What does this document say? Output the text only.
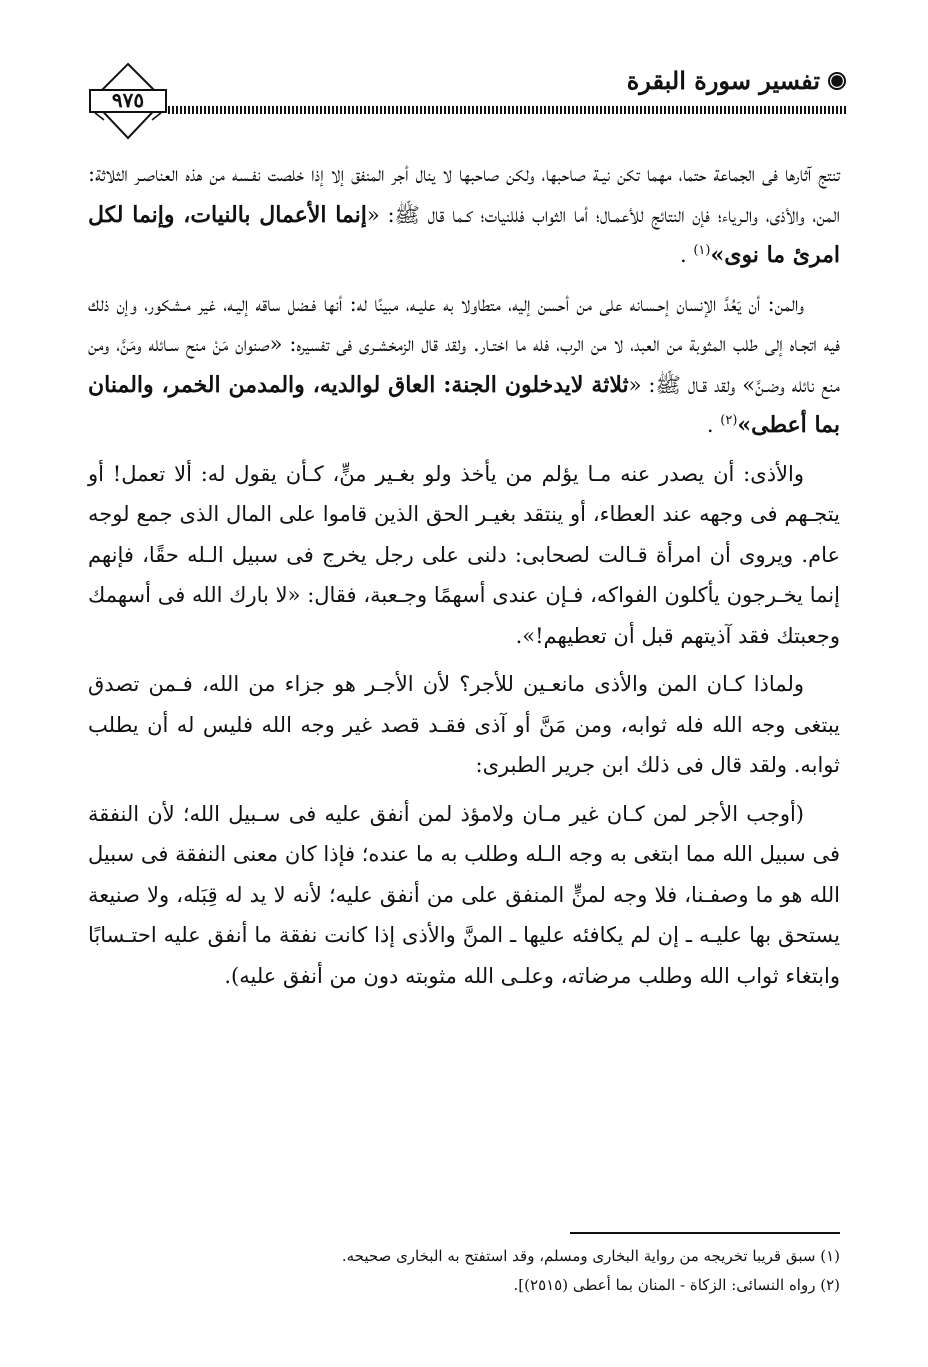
تفسير سورة البقرة
٩٧٥

تنتج آثارها فى الجماعة حتما، مهما تكن نيـة صاحبها، ولكن صاحبها لا ينال أجر المنفق إلا إذا خلصت نفـسه من هذه العناصـر الثلاثة: المن، والأذى، والـرياء؛ فإن النتائج للأعمـال؛ أما الثواب فللنيات؛ كـما قال ﷺ: «إنما الأعمال بالنيات، وإنما لكل امرئ ما نوى»$^{(١)}$ .

والمن: أن يَعُدَّ الإنسان إحـسانه على من أحسن إليه، متطاولا به عليـه، مبينًا له: أنها فـضل ساقه إليـه، غير مـشكور، وإن ذلك فيه اتجـاه إلى طلب المثوبة من العبد، لا من الرب، فله ما اختـار. ولقد قال الزمخشـرى فى تفسيره: «صنوان مَنْ منح سـائله ومَنَّ، ومن منع نائله وضـنَّ» ولقد قـال ﷺ: «ثلاثة لايدخلون الجنة: العاق لوالديه، والمدمن الخمر، والمنان بما أعطى»$^{(٢)}$ .

والأذى: أن يصدر عنه مـا يؤلم من يأخذ ولو بغـير منٍّ، كـأن يقول له: ألا تعمل! أو يتجـهم فى وجهه عند العطاء، أو ينتقد بغيـر الحق الذين قاموا على المال الذى جمع لوجه عام. ويروى أن امرأة قـالت لصحابى: دلنى على رجل يخرج فى سبيل الـله حقًا، فإنهم إنما يخـرجون يأكلون الفواكه، فـإن عندى أسهمًا وجـعبة، فقال: «لا بارك الله فى أسهمك وجعبتك فقد آذيتهم قبل أن تعطيهم!».

ولماذا كـان المن والأذى مانعـين للأجر؟ لأن الأجـر هو جزاء من الله، فـمن تصدق يبتغى وجه الله فله ثوابه، ومن مَنَّ أو آذى فقـد قصد غير وجه الله فليس له أن يطلب ثوابه. ولقد قال فى ذلك ابن جرير الطبرى:

(أوجب الأجر لمن كـان غير مـان ولامؤذ لمن أنفق عليه فى سـبيل الله؛ لأن النفقة فى سبيل الله مما ابتغى به وجه الـله وطلب به ما عنده؛ فإذا كان معنى النفقة فى سبيل الله هو ما وصفـنا، فلا وجه لمنٍّ المنفق على من أنفق عليه؛ لأنه لا يد له قِبَله، ولا صنيعة يستحق بها عليـه ـ إن لم يكافئه عليها ـ المنَّ والأذى إذا كانت نفقة ما أنفق عليه احتـسابًا وابتغاء ثواب الله وطلب مرضاته، وعلـى الله مثوبته دون من أنفق عليه).

(١) سبق قريبا تخريجه من رواية البخارى ومسلم، وقد استفتح به البخارى صحيحه.
(٢) رواه النسائى: الزكاة - المنان بما أعطى (٢٥١٥)].
